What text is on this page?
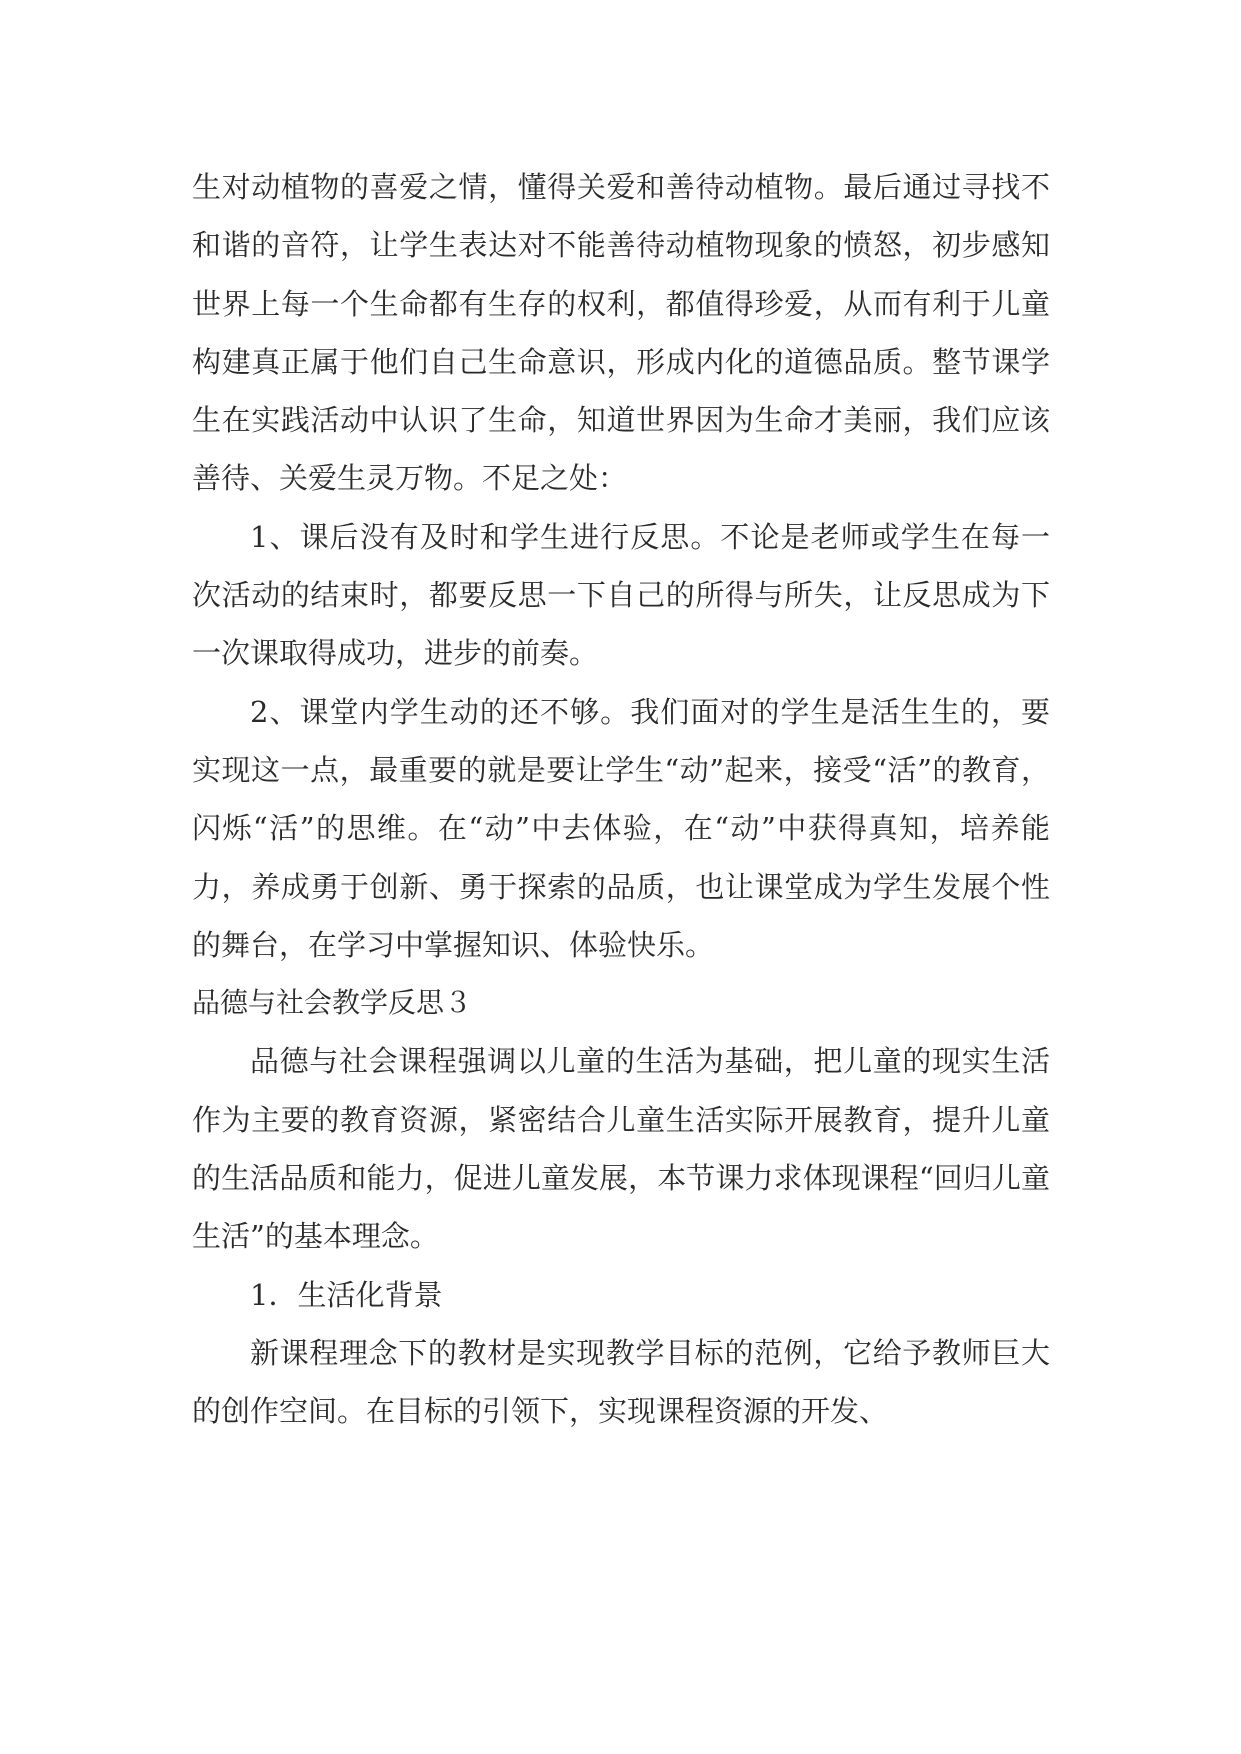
生对动植物的喜爱之情，懂得关爱和善待动植物。最后通过寻找不和谐的音符，让学生表达对不能善待动植物现象的愤怒，初步感知世界上每一个生命都有生存的权利，都值得珍爱，从而有利于儿童构建真正属于他们自己生命意识，形成内化的道德品质。整节课学生在实践活动中认识了生命，知道世界因为生命才美丽，我们应该善待、关爱生灵万物。不足之处：

1、课后没有及时和学生进行反思。不论是老师或学生在每一次活动的结束时，都要反思一下自己的所得与所失，让反思成为下一次课取得成功，进步的前奏。

2、课堂内学生动的还不够。我们面对的学生是活生生的，要实现这一点，最重要的就是要让学生“动”起来，接受“活”的教育，闪烁“活”的思维。在“动”中去体验，在“动”中获得真知，培养能力，养成勇于创新、勇于探索的品质，也让课堂成为学生发展个性的舞台，在学习中掌握知识、体验快乐。

品德与社会教学反思３

品德与社会课程强调以儿童的生活为基础，把儿童的现实生活作为主要的教育资源，紧密结合儿童生活实际开展教育，提升儿童的生活品质和能力，促进儿童发展，本节课力求体现课程“回归儿童生活”的基本理念。

1．生活化背景

新课程理念下的教材是实现教学目标的范例，它给予教师巨大的创作空间。在目标的引领下，实现课程资源的开发、
